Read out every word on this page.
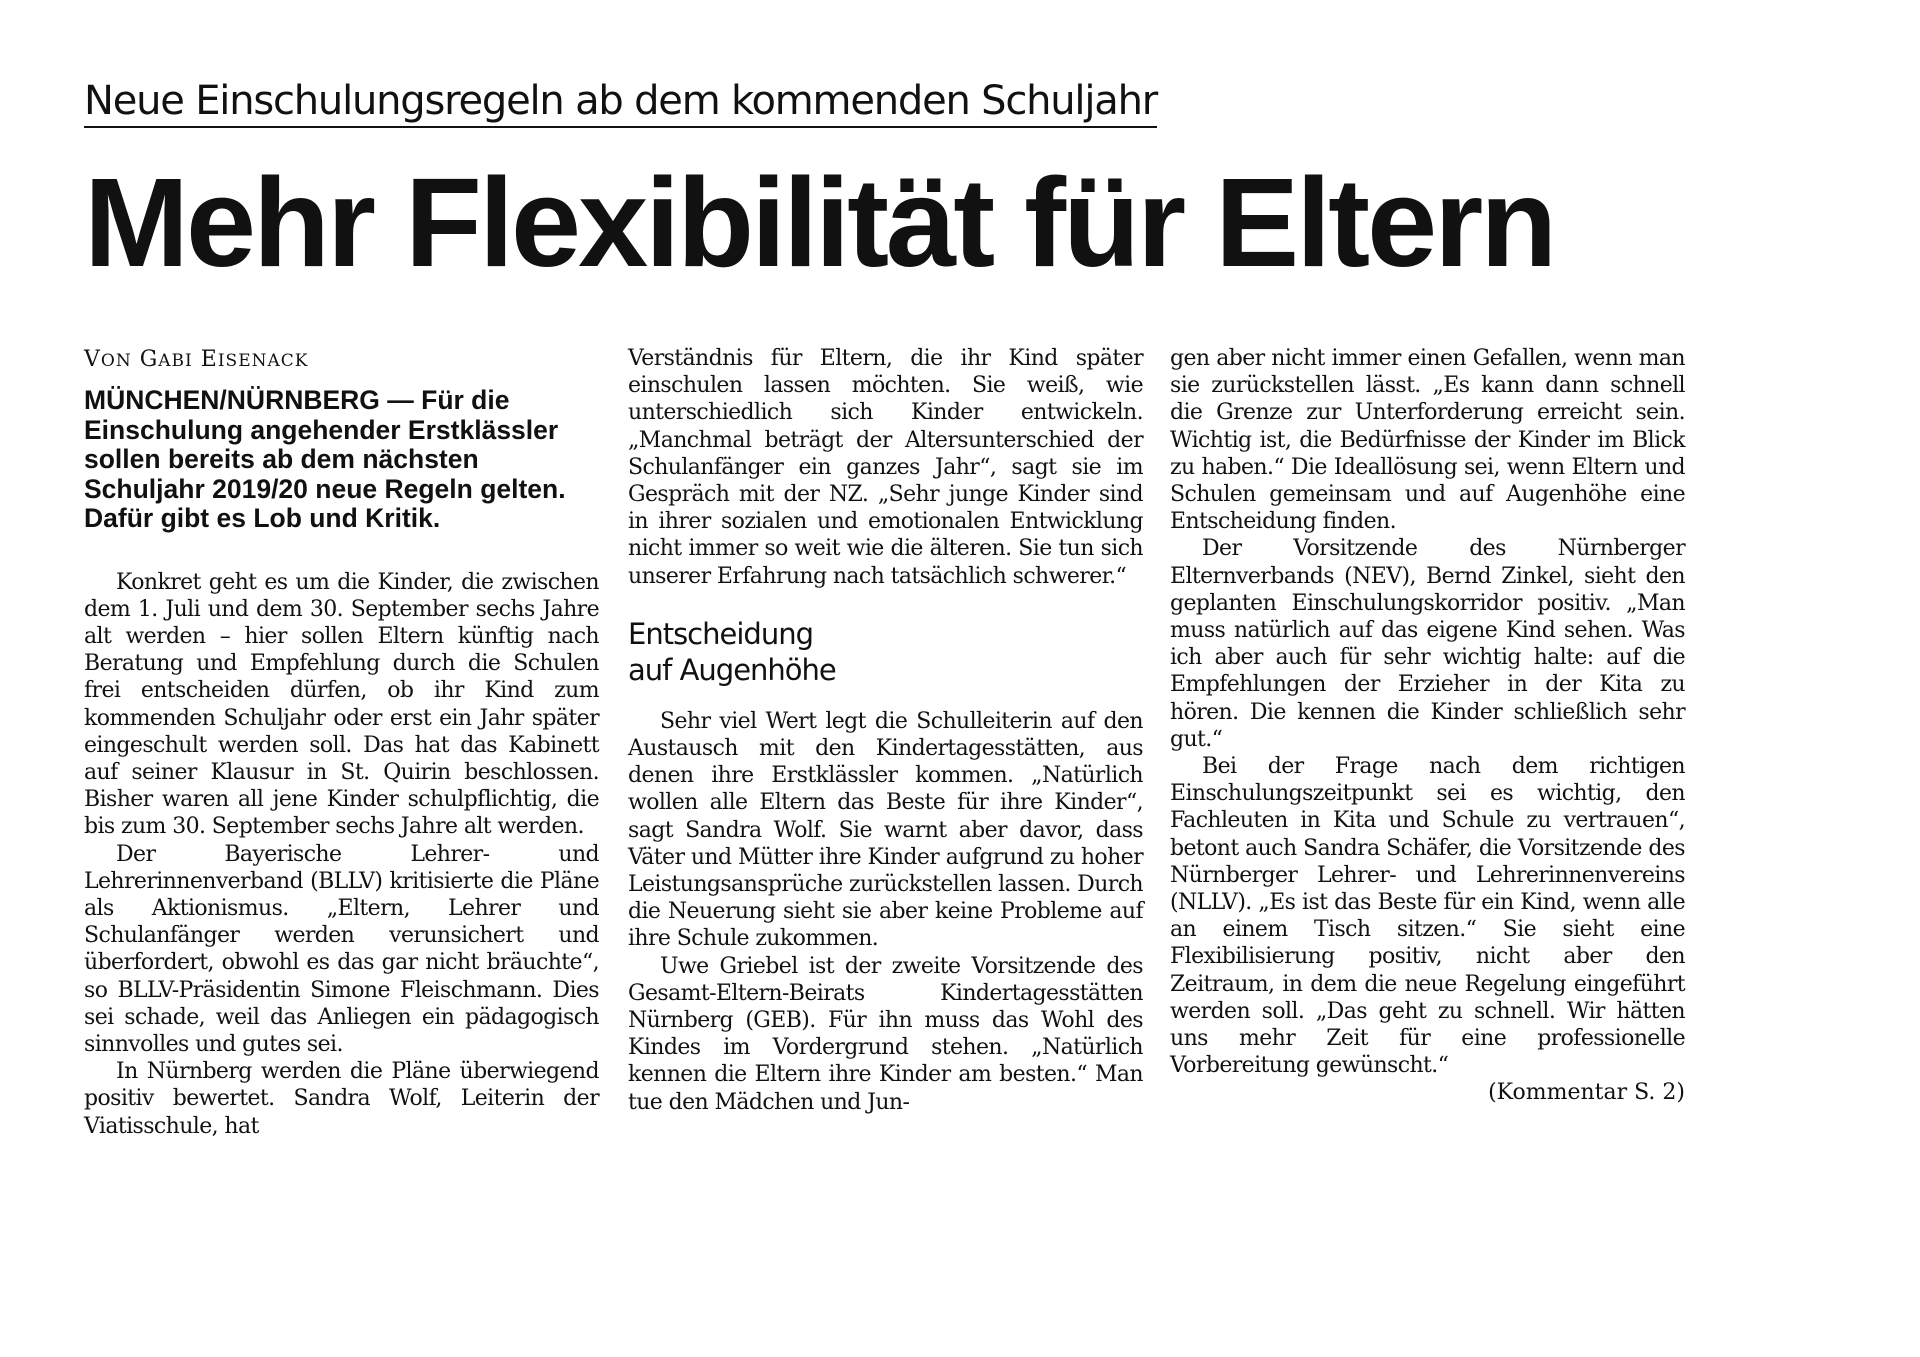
Neue Einschulungsregeln ab dem kommenden Schuljahr
Mehr Flexibilität für Eltern
VON GABI EISENACK
MÜNCHEN/NÜRNBERG — Für die Einschulung angehender Erstklässler sollen bereits ab dem nächsten Schuljahr 2019/20 neue Regeln gelten. Dafür gibt es Lob und Kritik.

Konkret geht es um die Kinder, die zwischen dem 1. Juli und dem 30. September sechs Jahre alt werden – hier sollen Eltern künftig nach Beratung und Empfehlung durch die Schulen frei entscheiden dürfen, ob ihr Kind zum kommenden Schuljahr oder erst ein Jahr später eingeschult werden soll. Das hat das Kabinett auf seiner Klausur in St. Quirin beschlossen. Bisher waren all jene Kinder schulpflichtig, die bis zum 30. September sechs Jahre alt werden.

Der Bayerische Lehrer- und Lehrerinnenverband (BLLV) kritisierte die Pläne als Aktionismus. „Eltern, Lehrer und Schulanfänger werden verunsichert und überfordert, obwohl es das gar nicht bräuchte“, so BLLV-Präsidentin Simone Fleischmann. Dies sei schade, weil das Anliegen ein pädagogisch sinnvolles und gutes sei.

In Nürnberg werden die Pläne überwiegend positiv bewertet. Sandra Wolf, Leiterin der Viatisschule, hat

Verständnis für Eltern, die ihr Kind später einschulen lassen möchten. Sie weiß, wie unterschiedlich sich Kinder entwickeln. „Manchmal beträgt der Altersunterschied der Schulanfänger ein ganzes Jahr“, sagt sie im Gespräch mit der NZ. „Sehr junge Kinder sind in ihrer sozialen und emotionalen Entwicklung nicht immer so weit wie die älteren. Sie tun sich unserer Erfahrung nach tatsächlich schwerer.“

Entscheidung
auf Augenhöhe

Sehr viel Wert legt die Schulleiterin auf den Austausch mit den Kindertagesstätten, aus denen ihre Erstklässler kommen. „Natürlich wollen alle Eltern das Beste für ihre Kinder“, sagt Sandra Wolf. Sie warnt aber davor, dass Väter und Mütter ihre Kinder aufgrund zu hoher Leistungsansprüche zurückstellen lassen. Durch die Neuerung sieht sie aber keine Probleme auf ihre Schule zukommen.

Uwe Griebel ist der zweite Vorsitzende des Gesamt-Eltern-Beirats Kindertagesstätten Nürnberg (GEB). Für ihn muss das Wohl des Kindes im Vordergrund stehen. „Natürlich kennen die Eltern ihre Kinder am besten.“ Man tue den Mädchen und Jun-

gen aber nicht immer einen Gefallen, wenn man sie zurückstellen lässt. „Es kann dann schnell die Grenze zur Unterforderung erreicht sein. Wichtig ist, die Bedürfnisse der Kinder im Blick zu haben.“ Die Ideallösung sei, wenn Eltern und Schulen gemeinsam und auf Augenhöhe eine Entscheidung finden.

Der Vorsitzende des Nürnberger Elternverbands (NEV), Bernd Zinkel, sieht den geplanten Einschulungskorridor positiv. „Man muss natürlich auf das eigene Kind sehen. Was ich aber auch für sehr wichtig halte: auf die Empfehlungen der Erzieher in der Kita zu hören. Die kennen die Kinder schließlich sehr gut.“

Bei der Frage nach dem richtigen Einschulungszeitpunkt sei es wichtig, den Fachleuten in Kita und Schule zu vertrauen“, betont auch Sandra Schäfer, die Vorsitzende des Nürnberger Lehrer- und Lehrerinnenvereins (NLLV). „Es ist das Beste für ein Kind, wenn alle an einem Tisch sitzen.“ Sie sieht eine Flexibilisierung positiv, nicht aber den Zeitraum, in dem die neue Regelung eingeführt werden soll. „Das geht zu schnell. Wir hätten uns mehr Zeit für eine professionelle Vorbereitung gewünscht.“

(Kommentar S. 2)
